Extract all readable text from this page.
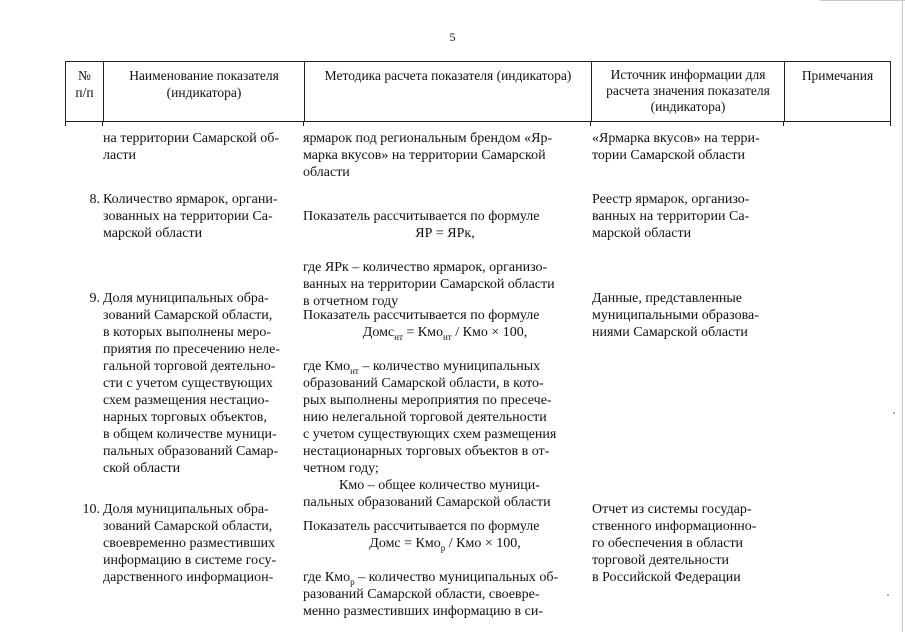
5
№
п/п
Наименование показателя
(индикатора)
Методика расчета показателя (индикатора)	Источник информации для
расчета значения показателя
(индикатора)
Примечания
на территории Самарской об-
ласти
ярмарок под региональным брендом «Яр-
марка вкусов» на территории Самарской
области
«Ярмарка вкусов» на терри-
тории Самарской области
8. Количество ярмарок, органи-
зованных на территории Са-
марской области

Показатель рассчитывается по формуле

ЯР = ЯРк,

где ЯРк – количество ярмарок, организо-
ванных на территории Самарской области
в отчетном году

Реестр ярмарок, организо-
ванных на территории Са-
марской области
9. Доля муниципальных обра-
зований Самарской области,
в которых выполнены меро-
приятия по пресечению неле-
гальной торговой деятельно-
сти с учетом существующих
схем размещения нестацио-
нарных торговых объектов,
в общем количестве муници-
пальных образований Самар-
ской области

Показатель рассчитывается по формуле

Домс$_{нт}$ = Кмо$_{нт}$ / Кмо × 100,

где Кмо$_{нт}$ – количество муниципальных
образований Самарской области, в кото-
рых выполнены мероприятия по пресече-
нию нелегальной торговой деятельности
с учетом существующих схем размещения
нестационарных торговых объектов в от-
четном году;

Кмо – общее количество муници-
пальных образований Самарской области

Данные, представленные
муниципальными образова-
ниями Самарской области
10. Доля муниципальных обра-
зований Самарской области,
своевременно разместивших
информацию в системе госу-
дарственного информацион-

Показатель рассчитывается по формуле

Домс = Кмо$_р$ / Кмо × 100,

где Кмо$_р$ – количество муниципальных об-
разований Самарской области, своевре-
менно разместивших информацию в си-

Отчет из системы государ-
ственного информационно-
го обеспечения в области
торговой деятельности
в Российской Федерации
